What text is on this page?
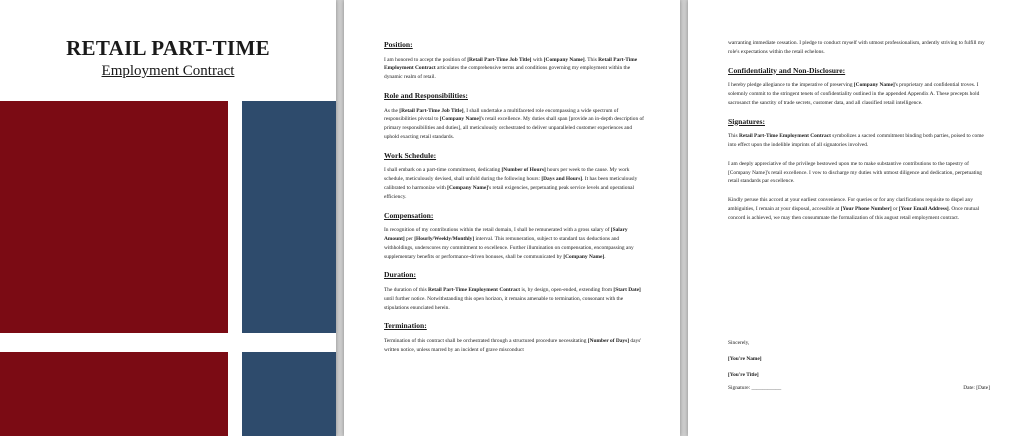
RETAIL PART-TIME
Employment Contract
Position:

I am honored to accept the position of [Retail Part-Time Job Title] with [Company Name]. This Retail Part-Time Employment Contract articulates the comprehensive terms and conditions governing my employment within the dynamic realm of retail.

Role and Responsibilities:

As the [Retail Part-Time Job Title], I shall undertake a multifaceted role encompassing a wide spectrum of responsibilities pivotal to [Company Name]'s retail excellence. My duties shall span [provide an in-depth description of primary responsibilities and duties], all meticulously orchestrated to deliver unparalleled customer experiences and uphold exacting retail standards.

Work Schedule:

I shall embark on a part-time commitment, dedicating [Number of Hours] hours per week to the cause. My work schedule, meticulously devised, shall unfold during the following hours: [Days and Hours]. It has been meticulously calibrated to harmonize with [Company Name]'s retail exigencies, perpetuating peak service levels and operational efficiency.

Compensation:

In recognition of my contributions within the retail domain, I shall be remunerated with a gross salary of [Salary Amount] per [Hourly/Weekly/Monthly] interval. This remuneration, subject to standard tax deductions and withholdings, underscores my commitment to excellence. Further illumination on compensation, encompassing any supplementary benefits or performance-driven bonuses, shall be communicated by [Company Name].

Duration:

The duration of this Retail Part-Time Employment Contract is, by design, open-ended, extending from [Start Date] until further notice. Notwithstanding this open horizon, it remains amenable to termination, consonant with the stipulations enunciated herein.

Termination:

Termination of this contract shall be orchestrated through a structured procedure necessitating [Number of Days] days' written notice, unless marred by an incident of grave misconduct

warranting immediate cessation. I pledge to conduct myself with utmost professionalism, ardently striving to fulfill my role's expectations within the retail echelons.

Confidentiality and Non-Disclosure:

I hereby pledge allegiance to the imperative of preserving [Company Name]'s proprietary and confidential troves. I solemnly commit to the stringent tenets of confidentiality outlined in the appended Appendix A. These precepts hold sacrosanct the sanctity of trade secrets, customer data, and all classified retail intelligence.

Signatures:

This Retail Part-Time Employment Contract symbolizes a sacred commitment binding both parties, poised to come into effect upon the indelible imprints of all signatories involved.

I am deeply appreciative of the privilege bestowed upon me to make substantive contributions to the tapestry of [Company Name]'s retail excellence. I vow to discharge my duties with utmost diligence and dedication, perpetuating retail standards par excellence.

Kindly peruse this accord at your earliest convenience. For queries or for any clarifications requisite to dispel any ambiguities, I remain at your disposal, accessible at [Your Phone Number] or [Your Email Address]. Once mutual concord is achieved, we may then consummate the formalization of this august retail employment contract.

Sincerely,

[You're Name]

[You're Title]

Signature: ___________	Date: [Date]
